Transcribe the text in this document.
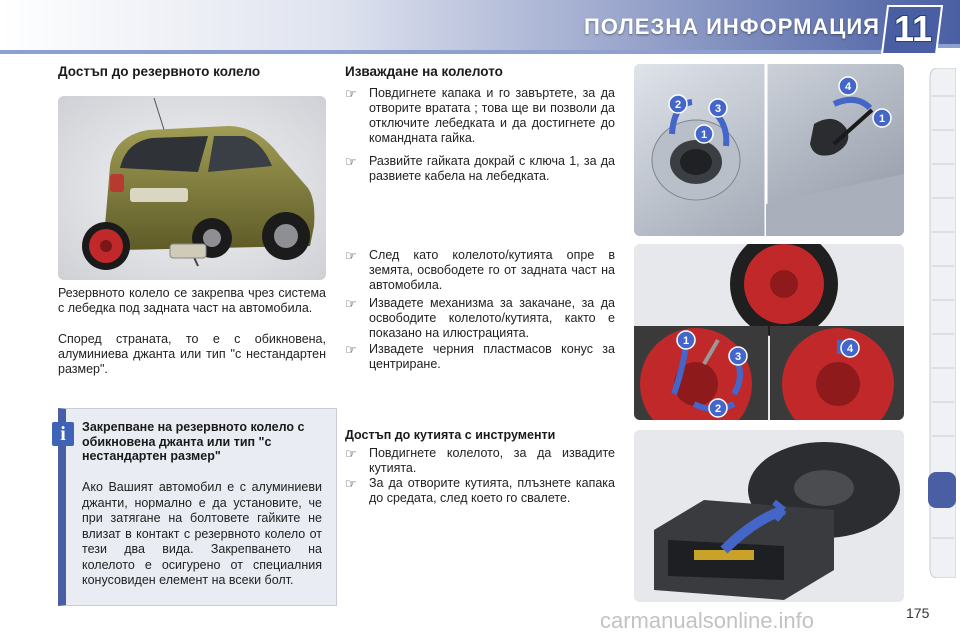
ПОЛЕЗНА ИНФОРМАЦИЯ 11
Достъп до резервното колело
Резервното колело се закрепва чрез система с лебедка под задната част на автомобила.
Според страната, то е с обикновена, алуминиева джанта или тип "с нестандартен размер".
i	Закрепване на резервното колело с обикновена джанта или тип "с нестандартен размер"
Ако Вашият автомобил е с алуминиеви джанти, нормално е да установите, че при затягане на болтовете гайките не влизат в контакт с резервното колело от тези два вида. Закрепването на колелото е осигурено от специалния конусовиден елемент на всеки болт.
Изваждане на колелото
☞ Повдигнете капака и го завъртете, за да отворите вратата ; това ще ви позволи да отключите лебедката и да достигнете до командната гайка.
☞ Развийте гайката докрай с ключа 1, за да развиете кабела на лебедката.
☞ След като колелото/кутията опре в земята, освободете го от задната част на автомобила.
☞ Извадете механизма за закачане, за да освободите колелото/кутията, както е показано на илюстрацията.
☞ Извадете черния пластмасов конус за центриране.
Достъп до кутията с инструменти
☞ Повдигнете колелото, за да извадите кутията.
☞ За да отворите кутията, плъзнете капака до средата, след което го свалете.
2	3
1
4
1
1
3
2
4
carmanualsonline.info	175
